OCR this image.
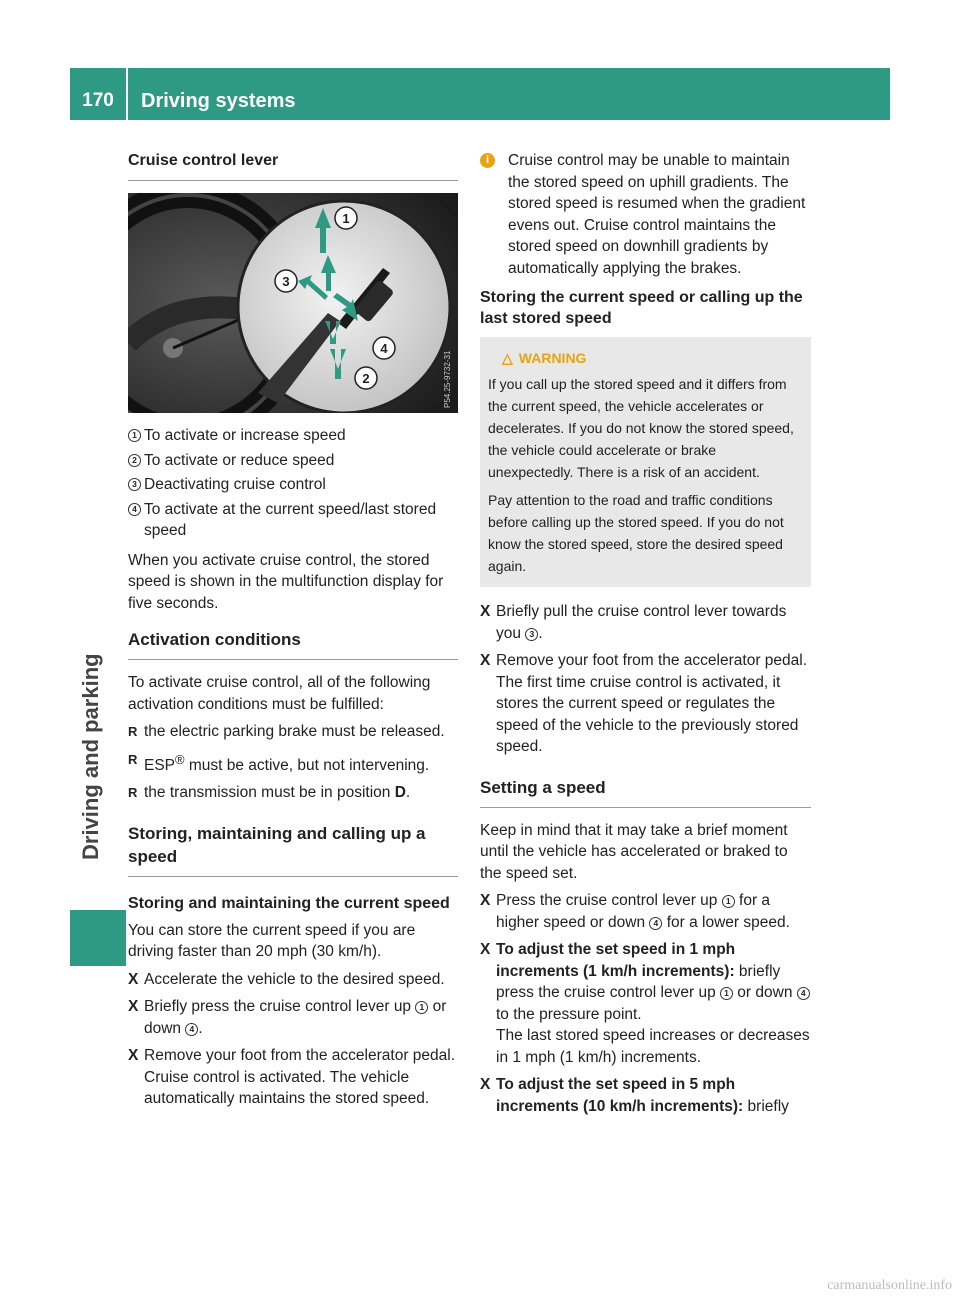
170	Driving systems
Driving and parking
Cruise control lever
1
2
3
4
P54.25-9732-31
1 To activate or increase speed
2 To activate or reduce speed
3 Deactivating cruise control
4 To activate at the current speed/last stored speed

When you activate cruise control, the stored speed is shown in the multifunction display for five seconds.

Activation conditions

To activate cruise control, all of the following activation conditions must be fulfilled:

R the electric parking brake must be released.
R ESP® must be active, but not intervening.
R the transmission must be in position D.
Storing, maintaining and calling up a speed
Storing and maintaining the current speed

You can store the current speed if you are driving faster than 20 mph (30 km/h).

X Accelerate the vehicle to the desired speed.
X Briefly press the cruise control lever up 1 or down 4 .
X Remove your foot from the accelerator pedal.
Cruise control is activated. The vehicle automatically maintains the stored speed.
i	Cruise control may be unable to maintain the stored speed on uphill gradients. The stored speed is resumed when the gradient evens out. Cruise control maintains the stored speed on downhill gradients by automatically applying the brakes.
Storing the current speed or calling up the last stored speed
△ WARNING

If you call up the stored speed and it differs from the current speed, the vehicle accelerates or decelerates. If you do not know the stored speed, the vehicle could accelerate or brake unexpectedly. There is a risk of an accident.

Pay attention to the road and traffic conditions before calling up the stored speed. If you do not know the stored speed, store the desired speed again.

X Briefly pull the cruise control lever towards you 3 .
X Remove your foot from the accelerator pedal.
The first time cruise control is activated, it stores the current speed or regulates the speed of the vehicle to the previously stored speed.
Setting a speed

Keep in mind that it may take a brief moment until the vehicle has accelerated or braked to the speed set.

X Press the cruise control lever up 1 for a higher speed or down 4 for a lower speed.
X To adjust the set speed in 1 mph increments (1 km/h increments): briefly press the cruise control lever up 1 or down 4 to the pressure point.
The last stored speed increases or decreases in 1 mph (1 km/h) increments.
X To adjust the set speed in 5 mph increments (10 km/h increments): briefly
carmanualsonline.info
